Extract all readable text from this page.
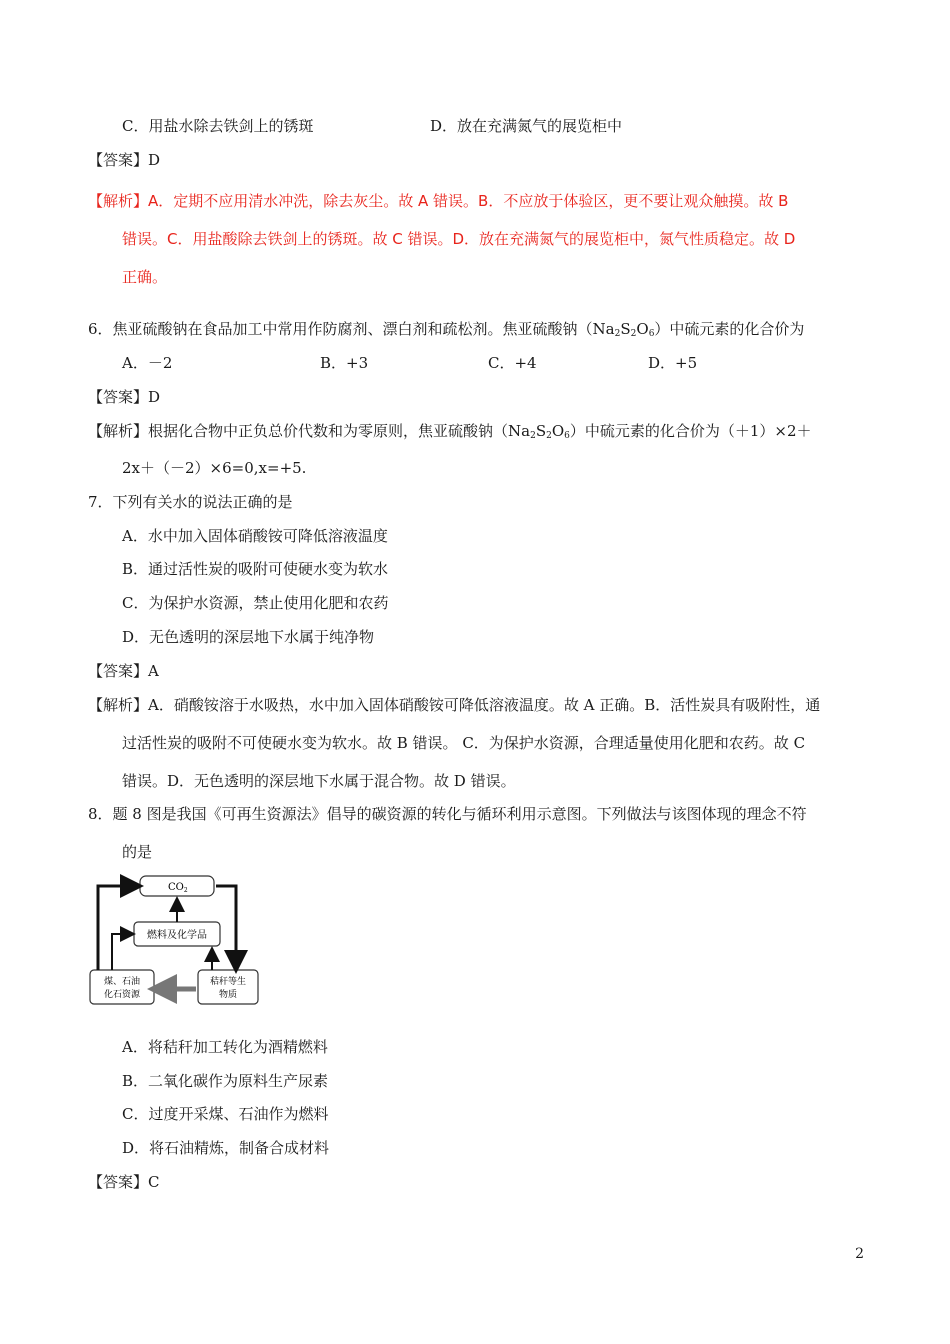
C．用盐水除去铁剑上的锈斑	D．放在充满氮气的展览柜中
【答案】D
【解析】A．定期不应用清水冲洗，除去灰尘。故 A 错误。B．不应放于体验区，更不要让观众触摸。故 B
错误。C．用盐酸除去铁剑上的锈斑。故 C 错误。D．放在充满氮气的展览柜中，氮气性质稳定。故 D
正确。
6．焦亚硫酸钠在食品加工中常用作防腐剂、漂白剂和疏松剂。焦亚硫酸钠$(Na_2S_2O_6)$中硫元素的化合价为
A．－2	B．+3	C．+4	D．+5
【答案】D
【解析】根据化合物中正负总价代数和为零原则，焦亚硫酸钠$(Na_2S_2O_6)$中硫元素的化合价为（＋1）×2＋
2x＋（－2）×6=0,x=+5.
7．下列有关水的说法正确的是
A．水中加入固体硝酸铵可降低溶液温度
B．通过活性炭的吸附可使硬水变为软水
C．为保护水资源，禁止使用化肥和农药
D．无色透明的深层地下水属于纯净物
【答案】A
【解析】A．硝酸铵溶于水吸热，水中加入固体硝酸铵可降低溶液温度。故 A 正确。B．活性炭具有吸附性，通
过活性炭的吸附不可使硬水变为软水。故 B 错误。 C．为保护水资源，合理适量使用化肥和农药。故 C
错误。D．无色透明的深层地下水属于混合物。故 D 错误。
8．题 8 图是我国《可再生资源法》倡导的碳资源的转化与循环利用示意图。下列做法与该图体现的理念不符
的是
$CO_2$
燃料及化学品
煤、石油
化石资源
秸秆等生
物质
A．将秸秆加工转化为酒精燃料
B．二氧化碳作为原料生产尿素
C．过度开采煤、石油作为燃料
D．将石油精炼，制备合成材料
【答案】C
2
